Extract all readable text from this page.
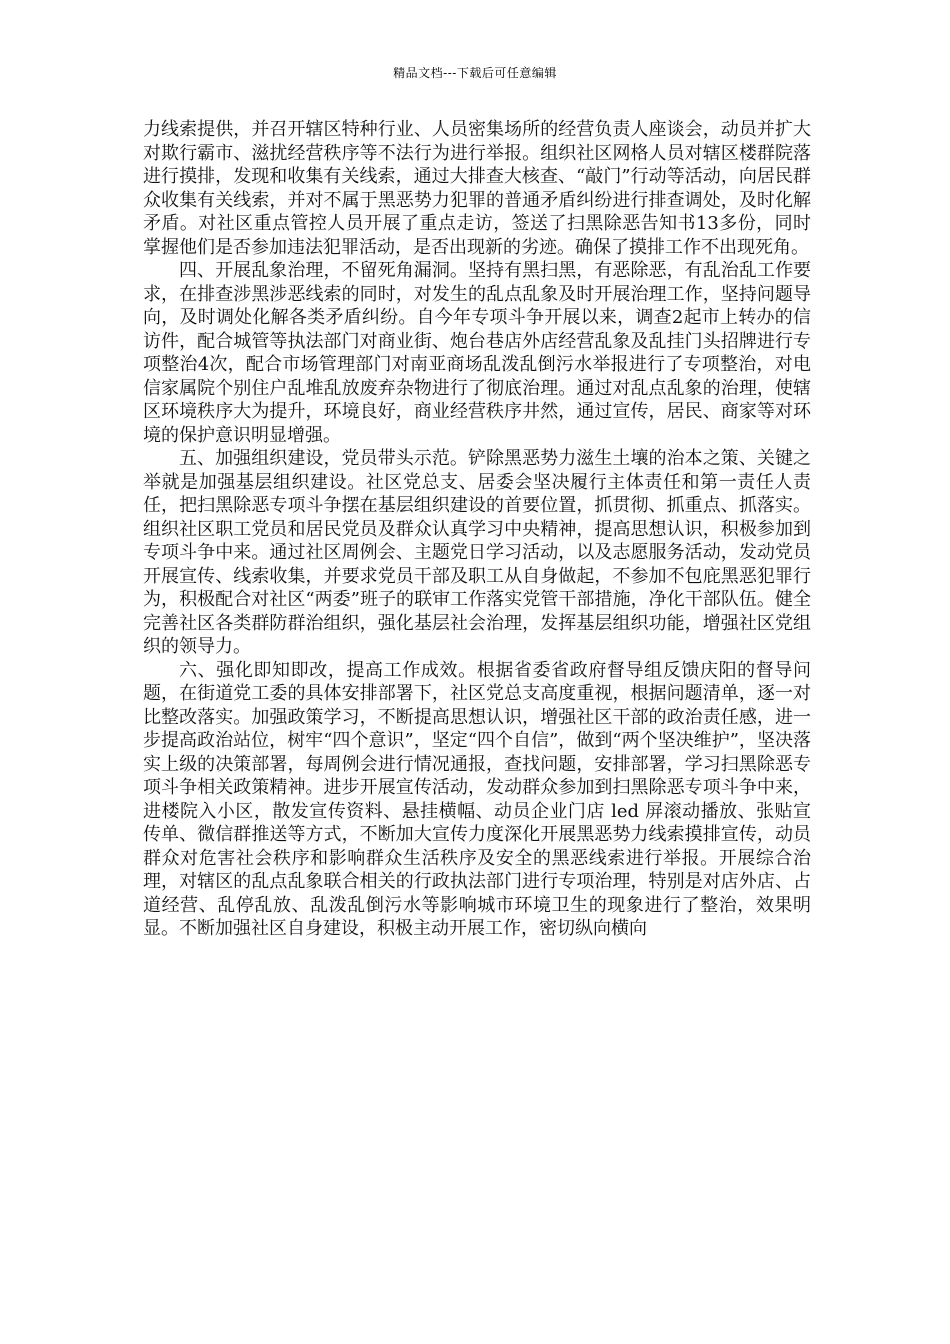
精品文档---下载后可任意编辑

力线索提供，并召开辖区特种行业、人员密集场所的经营负责人座谈会，动员并扩大对欺行霸市、滋扰经营秩序等不法行为进行举报。组织社区网格人员对辖区楼群院落进行摸排，发现和收集有关线索，通过大排查大核查、“敲门”行动等活动，向居民群众收集有关线索，并对不属于黑恶势力犯罪的普通矛盾纠纷进行排查调处，及时化解矛盾。对社区重点管控人员开展了重点走访，签送了扫黑除恶告知书13多份，同时掌握他们是否参加违法犯罪活动，是否出现新的劣迹。确保了摸排工作不出现死角。

四、开展乱象治理，不留死角漏洞。坚持有黑扫黑，有恶除恶，有乱治乱工作要求，在排查涉黑涉恶线索的同时，对发生的乱点乱象及时开展治理工作，坚持问题导向，及时调处化解各类矛盾纠纷。自今年专项斗争开展以来，调查2起市上转办的信访件，配合城管等执法部门对商业街、炮台巷店外店经营乱象及乱挂门头招牌进行专项整治4次，配合市场管理部门对南亚商场乱泼乱倒污水举报进行了专项整治，对电信家属院个别住户乱堆乱放废弃杂物进行了彻底治理。通过对乱点乱象的治理，使辖区环境秩序大为提升，环境良好，商业经营秩序井然，通过宣传，居民、商家等对环境的保护意识明显增强。

五、加强组织建设，党员带头示范。铲除黑恶势力滋生土壤的治本之策、关键之举就是加强基层组织建设。社区党总支、居委会坚决履行主体责任和第一责任人责任，把扫黑除恶专项斗争摆在基层组织建设的首要位置，抓贯彻、抓重点、抓落实。组织社区职工党员和居民党员及群众认真学习中央精神，提高思想认识，积极参加到专项斗争中来。通过社区周例会、主题党日学习活动，以及志愿服务活动，发动党员开展宣传、线索收集，并要求党员干部及职工从自身做起，不参加不包庇黑恶犯罪行为，积极配合对社区“两委”班子的联审工作落实党管干部措施，净化干部队伍。健全完善社区各类群防群治组织，强化基层社会治理，发挥基层组织功能，增强社区党组织的领导力。

六、强化即知即改，提高工作成效。根据省委省政府督导组反馈庆阳的督导问题，在街道党工委的具体安排部署下，社区党总支高度重视，根据问题清单，逐一对比整改落实。加强政策学习，不断提高思想认识，增强社区干部的政治责任感，进一步提高政治站位，树牢“四个意识”，坚定“四个自信”，做到“两个坚决维护”，坚决落实上级的决策部署，每周例会进行情况通报，查找问题，安排部署，学习扫黑除恶专项斗争相关政策精神。进步开展宣传活动，发动群众参加到扫黑除恶专项斗争中来，进楼院入小区，散发宣传资料、悬挂横幅、动员企业门店 led 屏滚动播放、张贴宣传单、微信群推送等方式，不断加大宣传力度深化开展黑恶势力线索摸排宣传，动员群众对危害社会秩序和影响群众生活秩序及安全的黑恶线索进行举报。开展综合治理，对辖区的乱点乱象联合相关的行政执法部门进行专项治理，特别是对店外店、占道经营、乱停乱放、乱泼乱倒污水等影响城市环境卫生的现象进行了整治，效果明显。不断加强社区自身建设，积极主动开展工作，密切纵向横向
